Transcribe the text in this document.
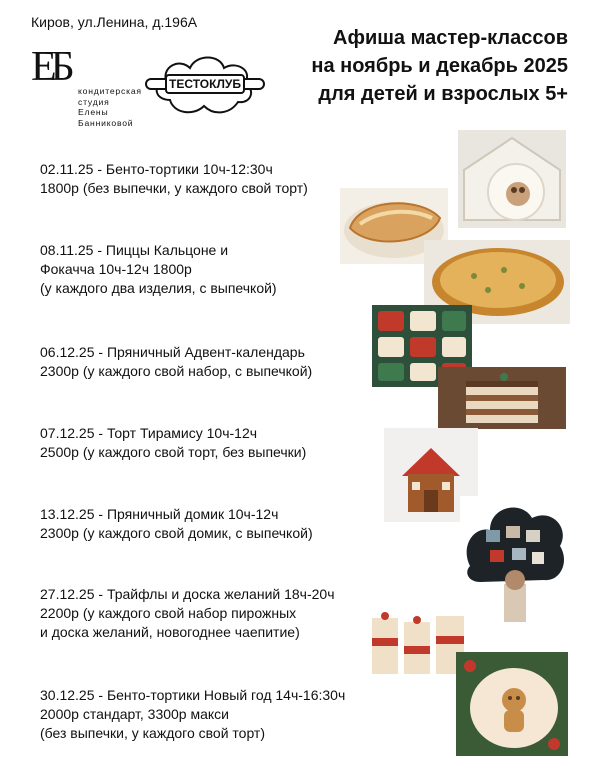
Киров, ул.Ленина, д.196А
ЕБ
кондитерская
студия
Елены
Банниковой
ТЕСТОКЛУБ
Афиша мастер-классов
на ноябрь и декабрь 2025
для детей и взрослых 5+
02.11.25 - Бенто-тортики 10ч-12:30ч
1800р (без выпечки, у каждого свой торт)
08.11.25 - Пиццы Кальцоне и
Фокачча 10ч-12ч 1800р
(у каждого два изделия, с выпечкой)
06.12.25 - Пряничный Адвент-календарь
2300р (у каждого свой набор, с выпечкой)
07.12.25 - Торт Тирамису 10ч-12ч
2500р (у каждого свой торт, без выпечки)
13.12.25 - Пряничный домик 10ч-12ч
2300р (у каждого свой домик, с выпечкой)
27.12.25 - Трайфлы и доска желаний 18ч-20ч
2200р (у каждого свой набор пирожных
и доска желаний, новогоднее чаепитие)
30.12.25 - Бенто-тортики Новый год 14ч-16:30ч
2000р стандарт, 3300р макси
(без выпечки, у каждого свой торт)
